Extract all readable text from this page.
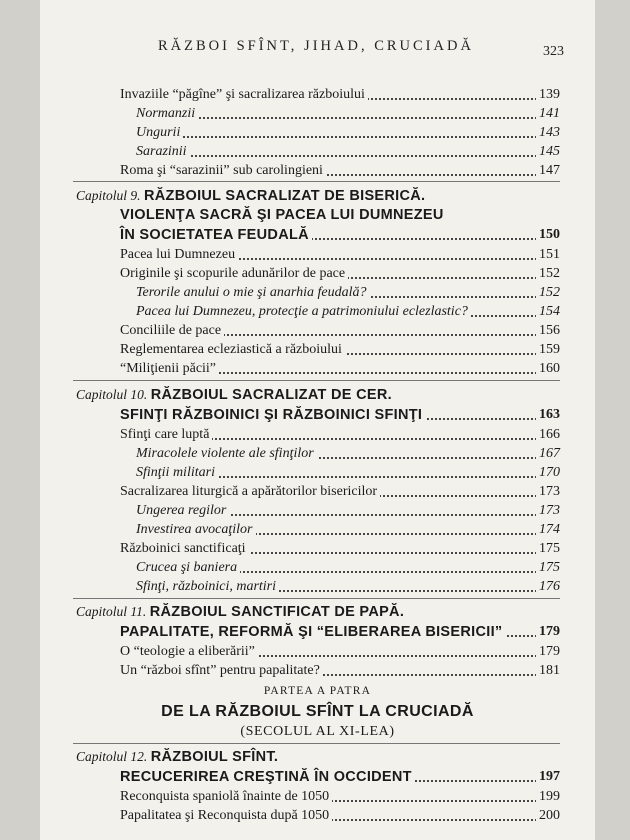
RĂZBOI SFÎNT, JIHAD, CRUCIADĂ	323
Invaziile “păgîne” şi sacralizarea războiului	139
Normanzii	141
Ungurii	143
Sarazinii	145
Roma şi “sarazinii” sub carolingieni	147
Capitolul 9. RĂZBOIUL SACRALIZAT DE BISERICĂ.
VIOLENŢA SACRĂ ŞI PACEA LUI DUMNEZEU
ÎN SOCIETATEA FEUDALĂ	150
Pacea lui Dumnezeu	151
Originile şi scopurile adunărilor de pace	152
Terorile anului o mie şi anarhia feudală?	152
Pacea lui Dumnezeu, protecţie a patrimoniului eclezlastic?	154
Conciliile de pace	156
Reglementarea ecleziastică a războiului	159
“Miliţienii păcii”	160
Capitolul 10. RĂZBOIUL SACRALIZAT DE CER.
SFINŢI RĂZBOINICI ŞI RĂZBOINICI SFINŢI	163
Sfinţi care luptă	166
Miracolele violente ale sfinţilor	167
Sfinţii militari	170
Sacralizarea liturgică a apărătorilor bisericilor	173
Ungerea regilor	173
Investirea avocaţilor	174
Războinici sanctificaţi	175
Crucea şi baniera	175
Sfinţi, războinici, martiri	176
Capitolul 11. RĂZBOIUL SANCTIFICAT DE PAPĂ.
PAPALITATE, REFORMĂ ŞI “ELIBERAREA BISERICII”	179
O “teologie a eliberării”	179
Un “război sfînt” pentru papalitate?	181
PARTEA A PATRA
DE LA RĂZBOIUL SFÎNT LA CRUCIADĂ
(SECOLUL AL XI-LEA)
Capitolul 12. RĂZBOIUL SFÎNT.
RECUCERIREA CREŞTINĂ ÎN OCCIDENT	197
Reconquista spaniolă înainte de 1050	199
Papalitatea şi Reconquista după 1050	200
